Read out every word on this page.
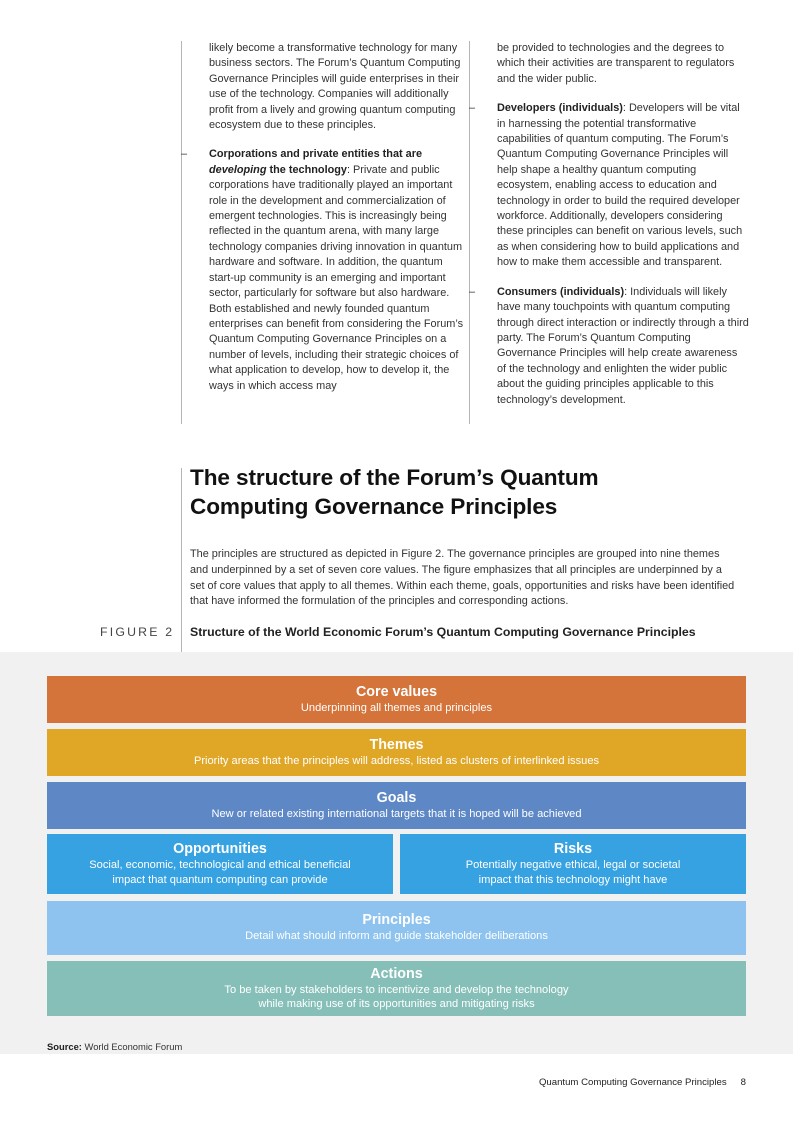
likely become a transformative technology for many business sectors. The Forum’s Quantum Computing Governance Principles will guide enterprises in their use of the technology. Companies will additionally profit from a lively and growing quantum computing ecosystem due to these principles.

– Corporations and private entities that are developing the technology: Private and public corporations have traditionally played an important role in the development and commercialization of emergent technologies. This is increasingly being reflected in the quantum arena, with many large technology companies driving innovation in quantum hardware and software. In addition, the quantum start-up community is an emerging and important sector, particularly for software but also hardware. Both established and newly founded quantum enterprises can benefit from considering the Forum’s Quantum Computing Governance Principles on a number of levels, including their strategic choices of what application to develop, how to develop it, the ways in which access may

be provided to technologies and the degrees to which their activities are transparent to regulators and the wider public.

– Developers (individuals): Developers will be vital in harnessing the potential transformative capabilities of quantum computing. The Forum’s Quantum Computing Governance Principles will help shape a healthy quantum computing ecosystem, enabling access to education and technology in order to build the required developer workforce. Additionally, developers considering these principles can benefit on various levels, such as when considering how to build applications and how to make them accessible and transparent.

– Consumers (individuals): Individuals will likely have many touchpoints with quantum computing through direct interaction or indirectly through a third party. The Forum’s Quantum Computing Governance Principles will help create awareness of the technology and enlighten the wider public about the guiding principles applicable to this technology’s development.

The structure of the Forum’s Quantum
Computing Governance Principles

The principles are structured as depicted in Figure 2. The governance principles are grouped into nine themes and underpinned by a set of seven core values. The figure emphasizes that all principles are underpinned by a set of core values that apply to all themes. Within each theme, goals, opportunities and risks have been identified that have informed the formulation of the principles and corresponding actions.

FIGURE 2 Structure of the World Economic Forum’s Quantum Computing Governance Principles
Core values
Underpinning all themes and principles
Themes
Priority areas that the principles will address, listed as clusters of interlinked issues
Goals
New or related existing international targets that it is hoped will be achieved
Opportunities
Social, economic, technological and ethical beneficial
impact that quantum computing can provide
Risks
Potentially negative ethical, legal or societal
impact that this technology might have
Principles
Detail what should inform and guide stakeholder deliberations
Actions
To be taken by stakeholders to incentivize and develop the technology
while making use of its opportunities and mitigating risks
Source: World Economic Forum
Quantum Computing Governance Principles 8
